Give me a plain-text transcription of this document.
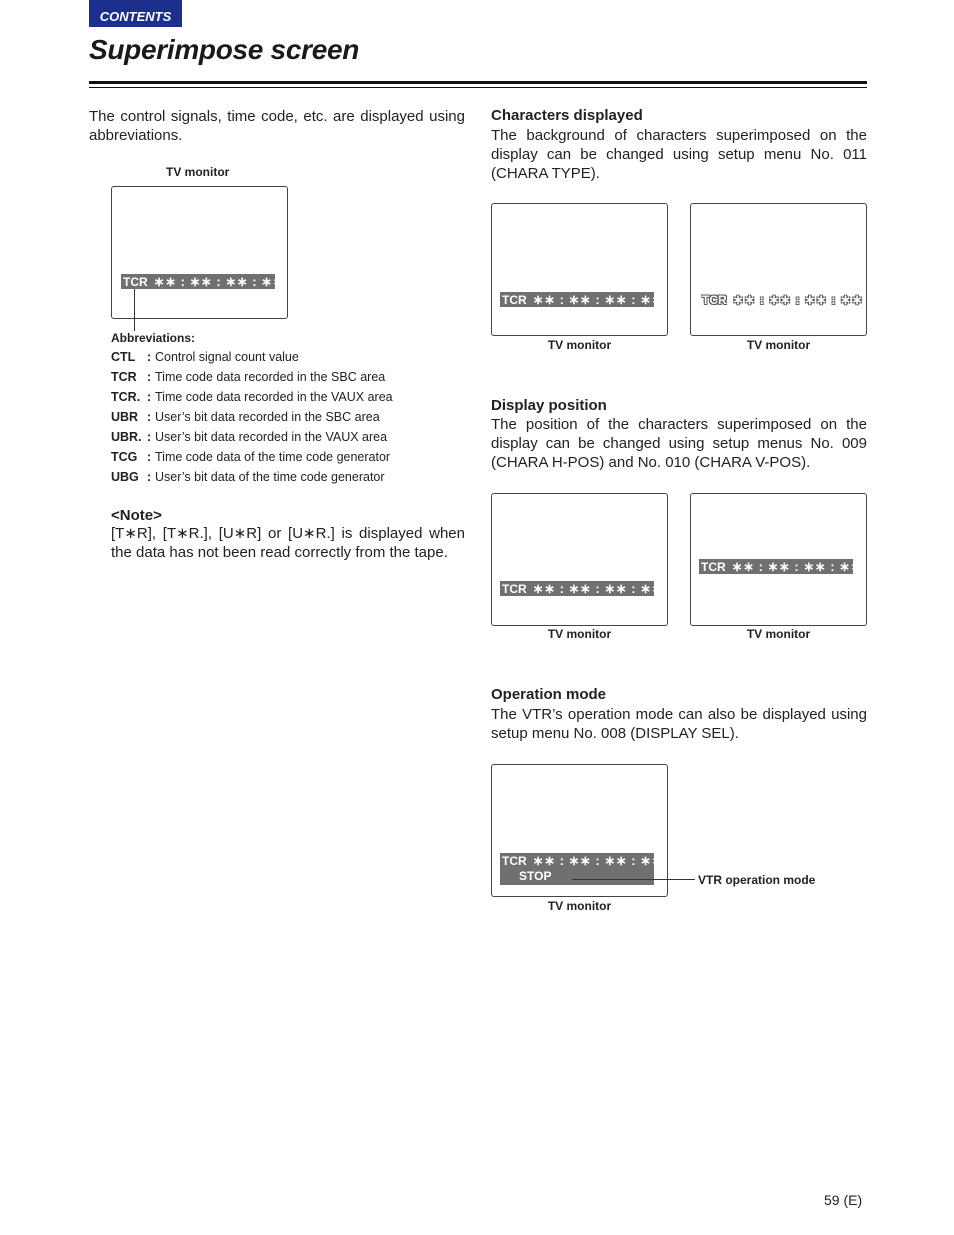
CONTENTS
Superimpose screen
The control signals, time code, etc. are displayed using abbreviations.
TV monitor
TCR ∗∗ : ∗∗ : ∗∗ : ∗∗
Abbreviations:
CTL : Control signal count value
TCR : Time code data recorded in the SBC area
TCR. : Time code data recorded in the VAUX area
UBR : User’s bit data recorded in the SBC area
UBR. : User’s bit data recorded in the VAUX area
TCG : Time code data of the time code generator
UBG : User’s bit data of the time code generator
<Note>
[T∗R], [T∗R.], [U∗R] or [U∗R.] is displayed when the data has not been read correctly from the tape.
Characters displayed
The background of characters superimposed on the display can be changed using setup menu No. 011 (CHARA TYPE).
TCR ∗∗ : ∗∗ : ∗∗ : ∗∗	TCR ∗∗ : ∗∗ : ∗∗ : ∗∗
TV monitor	TV monitor
Display position
The position of the characters superimposed on the display can be changed using setup menus No. 009 (CHARA H-POS) and No. 010 (CHARA V-POS).
TCR ∗∗ : ∗∗ : ∗∗ : ∗∗
TCR ∗∗ : ∗∗ : ∗∗ : ∗∗
TV monitor	TV monitor
Operation mode
The VTR’s operation mode can also be displayed using setup menu No. 008 (DISPLAY SEL).
TCR ∗∗ : ∗∗ : ∗∗ : ∗∗
STOP	VTR operation mode
TV monitor
59 (E)
